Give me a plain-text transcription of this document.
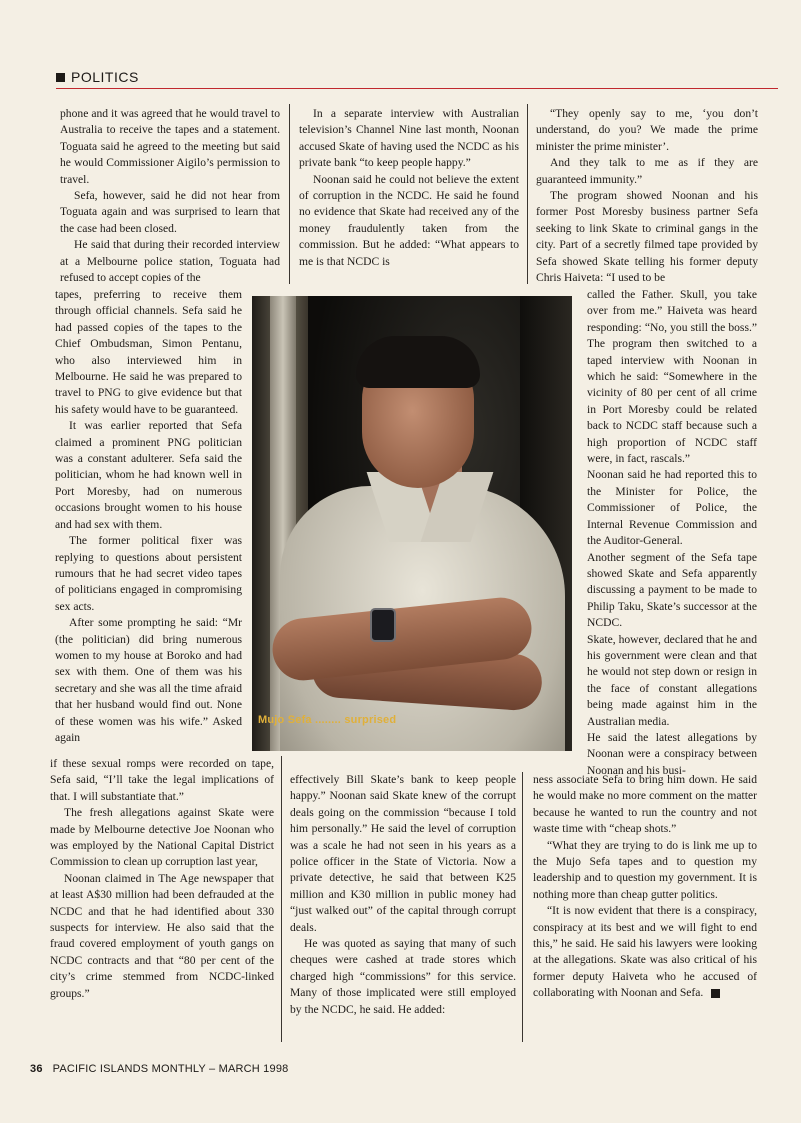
POLITICS

phone and it was agreed that he would travel to Australia to receive the tapes and a statement. Toguata said he agreed to the meeting but said he would Commissioner Aigilo’s permission to travel.

Sefa, however, said he did not hear from Toguata again and was surprised to learn that the case had been closed.

He said that during their recorded interview at a Melbourne police station, Toguata had refused to accept copies of the

tapes, preferring to receive them through official channels. Sefa said he had passed copies of the tapes to the Chief Ombudsman, Simon Pentanu, who also interviewed him in Melbourne. He said he was prepared to travel to PNG to give evidence but that his safety would have to be guaranteed.

It was earlier reported that Sefa claimed a prominent PNG politician was a constant adulterer. Sefa said the politician, whom he had known well in Port Moresby, had on numerous occasions brought women to his house and had sex with them.

The former political fixer was replying to questions about persistent rumours that he had secret video tapes of politicians engaged in compromising sex acts.

After some prompting he said: “Mr (the politician) did bring numerous women to my house at Boroko and had sex with them. One of them was his secretary and she was all the time afraid that her husband would find out. None of these women was his wife.” Asked again

if these sexual romps were recorded on tape, Sefa said, “I’ll take the legal implications of that. I will substantiate that.”

The fresh allegations against Skate were made by Melbourne detective Joe Noonan who was employed by the National Capital District Commission to clean up corruption last year,

Noonan claimed in The Age newspaper that at least A$30 million had been defrauded at the NCDC and that he had identified about 330 suspects for interview. He also said that the fraud covered employment of youth gangs on NCDC contracts and that “80 per cent of the city’s crime stemmed from NCDC-linked groups.”

In a separate interview with Australian television’s Channel Nine last month, Noonan accused Skate of having used the NCDC as his private bank “to keep people happy.”

Noonan said he could not believe the extent of corruption in the NCDC. He said he found no evidence that Skate had received any of the money fraudulently taken from the commission. But he added: “What appears to me is that NCDC is

effectively Bill Skate’s bank to keep people happy.” Noonan said Skate knew of the corrupt deals going on the commission “because I told him personally.” He said the level of corruption was a scale he had not seen in his years as a police officer in the State of Victoria. Now a private detective, he said that between K25 million and K30 million in public money had “just walked out” of the capital through corrupt deals.

He was quoted as saying that many of such cheques were cashed at trade stores which charged high “commissions” for this service. Many of those implicated were still employed by the NCDC, he said. He added:

“They openly say to me, ‘you don’t understand, do you? We made the prime minister the prime minister’.

And they talk to me as if they are guaranteed immunity.”

The program showed Noonan and his former Post Moresby business partner Sefa seeking to link Skate to criminal gangs in the city. Part of a secretly filmed tape provided by Sefa showed Skate telling his former deputy Chris Haiveta: “I used to be

called the Father. Skull, you take over from me.” Haiveta was heard responding: “No, you still the boss.” The program then switched to a taped interview with Noonan in which he said: “Somewhere in the vicinity of 80 per cent of all crime in Port Moresby could be related back to NCDC staff because such a high proportion of NCDC staff were, in fact, rascals.”

Noonan said he had reported this to the Minister for Police, the Commissioner of Police, the Internal Revenue Commission and the Auditor-General.

Another segment of the Sefa tape showed Skate and Sefa apparently discussing a payment to be made to Philip Taku, Skate’s successor at the NCDC.

Skate, however, declared that he and his government were clean and that he would not step down or resign in the face of constant allegations being made against him in the Australian media.

He said the latest allegations by Noonan were a conspiracy between Noonan and his busi-

ness associate Sefa to bring him down. He said he would make no more comment on the matter because he wanted to run the country and not waste time with “cheap shots.”

“What they are trying to do is link me up to the Mujo Sefa tapes and to question my leadership and to question my government. It is nothing more than cheap gutter politics.

“It is now evident that there is a conspiracy, conspiracy at its best and we will fight to end this,” he said. He said his lawyers were looking at the allegations. Skate was also critical of his former deputy Haiveta who he accused of collaborating with Noonan and Sefa.

Mujo Sefa ........ surprised
36 PACIFIC ISLANDS MONTHLY – MARCH 1998
